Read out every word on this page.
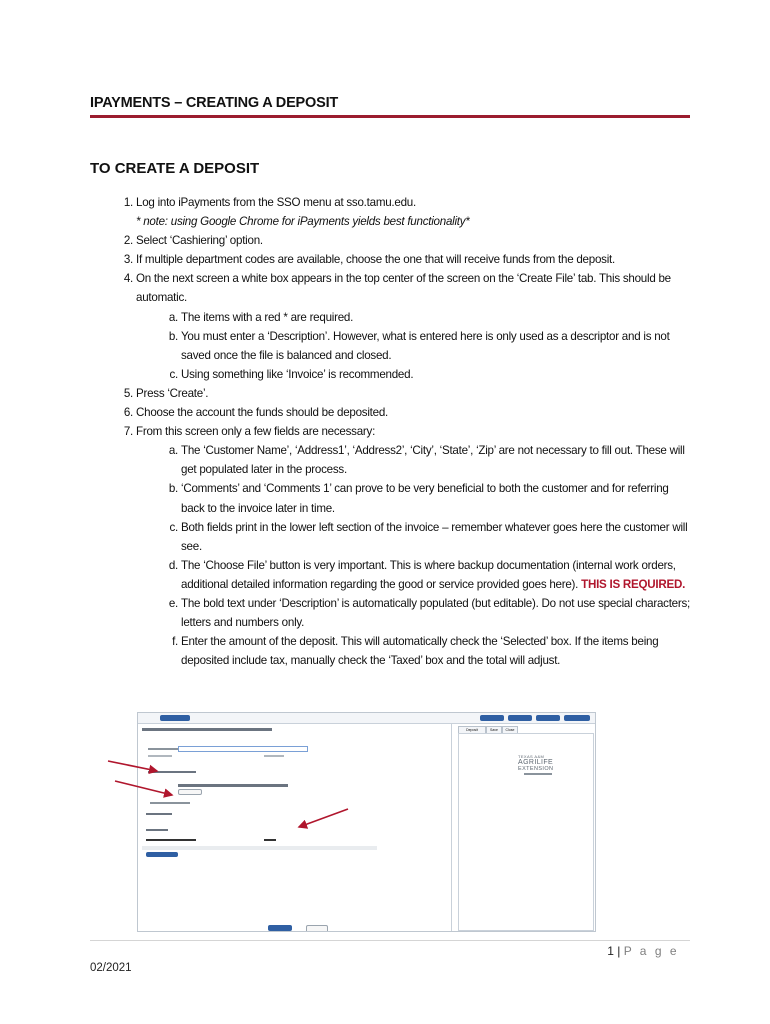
IPAYMENTS – CREATING A DEPOSIT
TO CREATE A DEPOSIT
1. Log into iPayments from the SSO menu at sso.tamu.edu.
* note: using Google Chrome for iPayments yields best functionality*
2. Select ‘Cashiering’ option.
3. If multiple department codes are available, choose the one that will receive funds from the deposit.
4. On the next screen a white box appears in the top center of the screen on the ‘Create File’ tab. This should be automatic.
a. The items with a red * are required.
b. You must enter a ‘Description’. However, what is entered here is only used as a descriptor and is not saved once the file is balanced and closed.
c. Using something like ‘Invoice’ is recommended.
5. Press ‘Create’.
6. Choose the account the funds should be deposited.
7. From this screen only a few fields are necessary:
a. The ‘Customer Name’, ‘Address1’, ‘Address2’, ‘City’, ‘State’, ‘Zip’ are not necessary to fill out. These will get populated later in the process.
b. ‘Comments’ and ‘Comments 1’ can prove to be very beneficial to both the customer and for referring back to the invoice later in time.
c. Both fields print in the lower left section of the invoice – remember whatever goes here the customer will see.
d. The ‘Choose File’ button is very important. This is where backup documentation (internal work orders, additional detailed information regarding the good or service provided goes here). THIS IS REQUIRED.
e. The bold text under ‘Description’ is automatically populated (but editable). Do not use special characters; letters and numbers only.
f. Enter the amount of the deposit. This will automatically check the ‘Selected’ box. If the items being deposited include tax, manually check the ‘Taxed’ box and the total will adjust.
Deposit	Save	Close
TEXAS A&M
AGRILIFE
EXTENSION
1 | P a g e
02/2021
